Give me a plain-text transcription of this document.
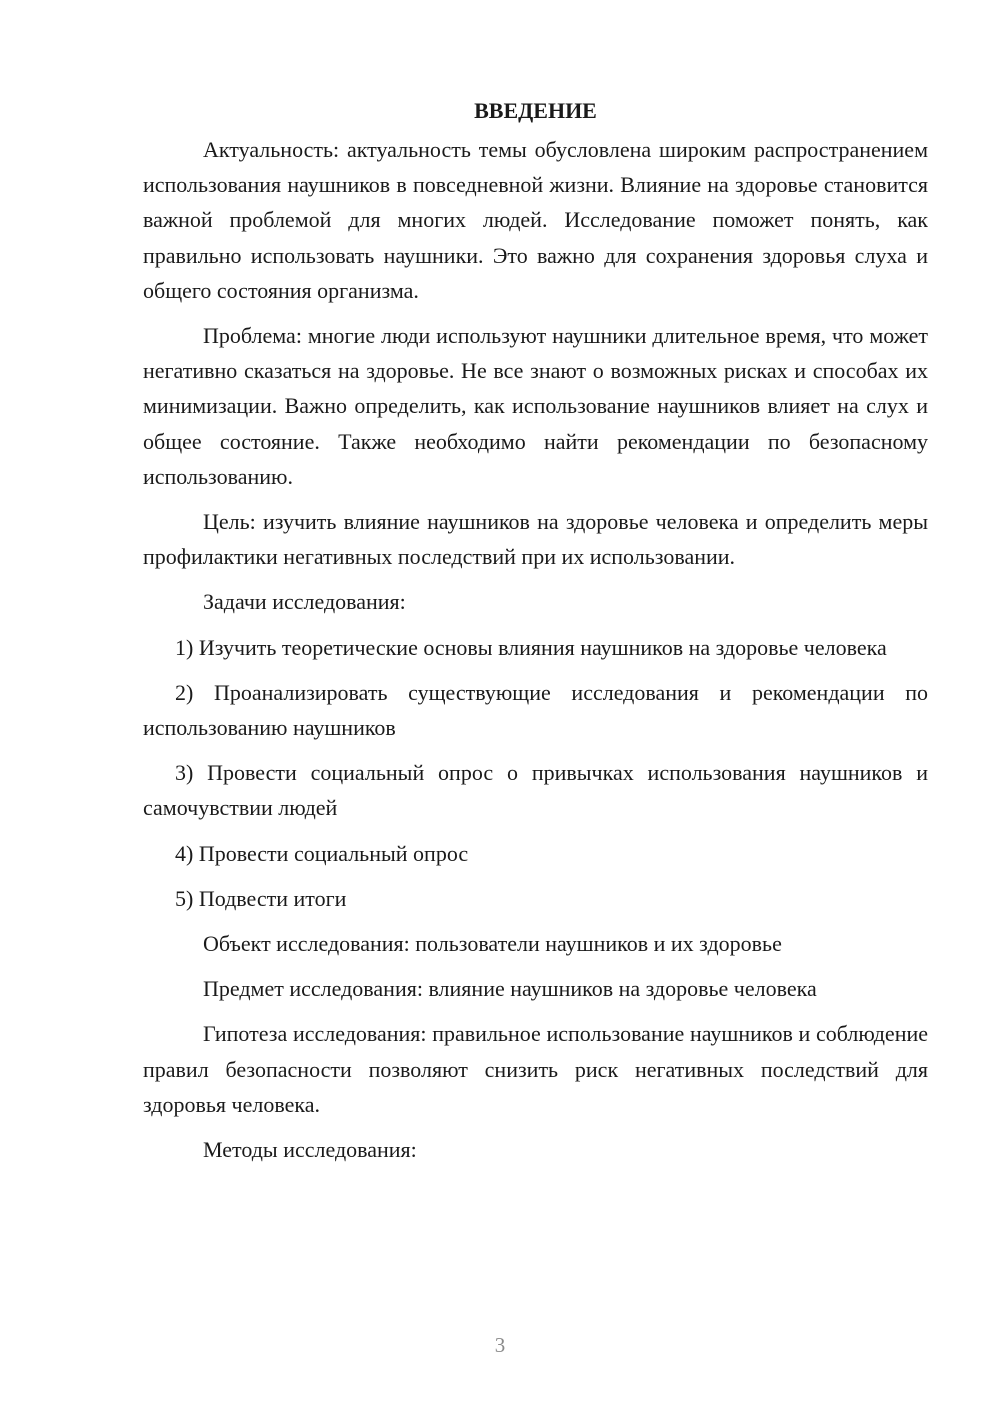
ВВЕДЕНИЕ

Актуальность: актуальность темы обусловлена широким распространением использования наушников в повседневной жизни. Влияние на здоровье становится важной проблемой для многих людей. Исследование поможет понять, как правильно использовать наушники. Это важно для сохранения здоровья слуха и общего состояния организма.

Проблема: многие люди используют наушники длительное время, что может негативно сказаться на здоровье. Не все знают о возможных рисках и способах их минимизации. Важно определить, как использование наушников влияет на слух и общее состояние. Также необходимо найти рекомендации по безопасному использованию.

Цель: изучить влияние наушников на здоровье человека и определить меры профилактики негативных последствий при их использовании.

Задачи исследования:

1) Изучить теоретические основы влияния наушников на здоровье человека

2) Проанализировать существующие исследования и рекомендации по использованию наушников

3) Провести социальный опрос о привычках использования наушников и самочувствии людей

4) Провести социальный опрос

5) Подвести итоги

Объект исследования: пользователи наушников и их здоровье

Предмет исследования: влияние наушников на здоровье человека

Гипотеза исследования: правильное использование наушников и соблюдение правил безопасности позволяют снизить риск негативных последствий для здоровья человека.

Методы исследования:

3
